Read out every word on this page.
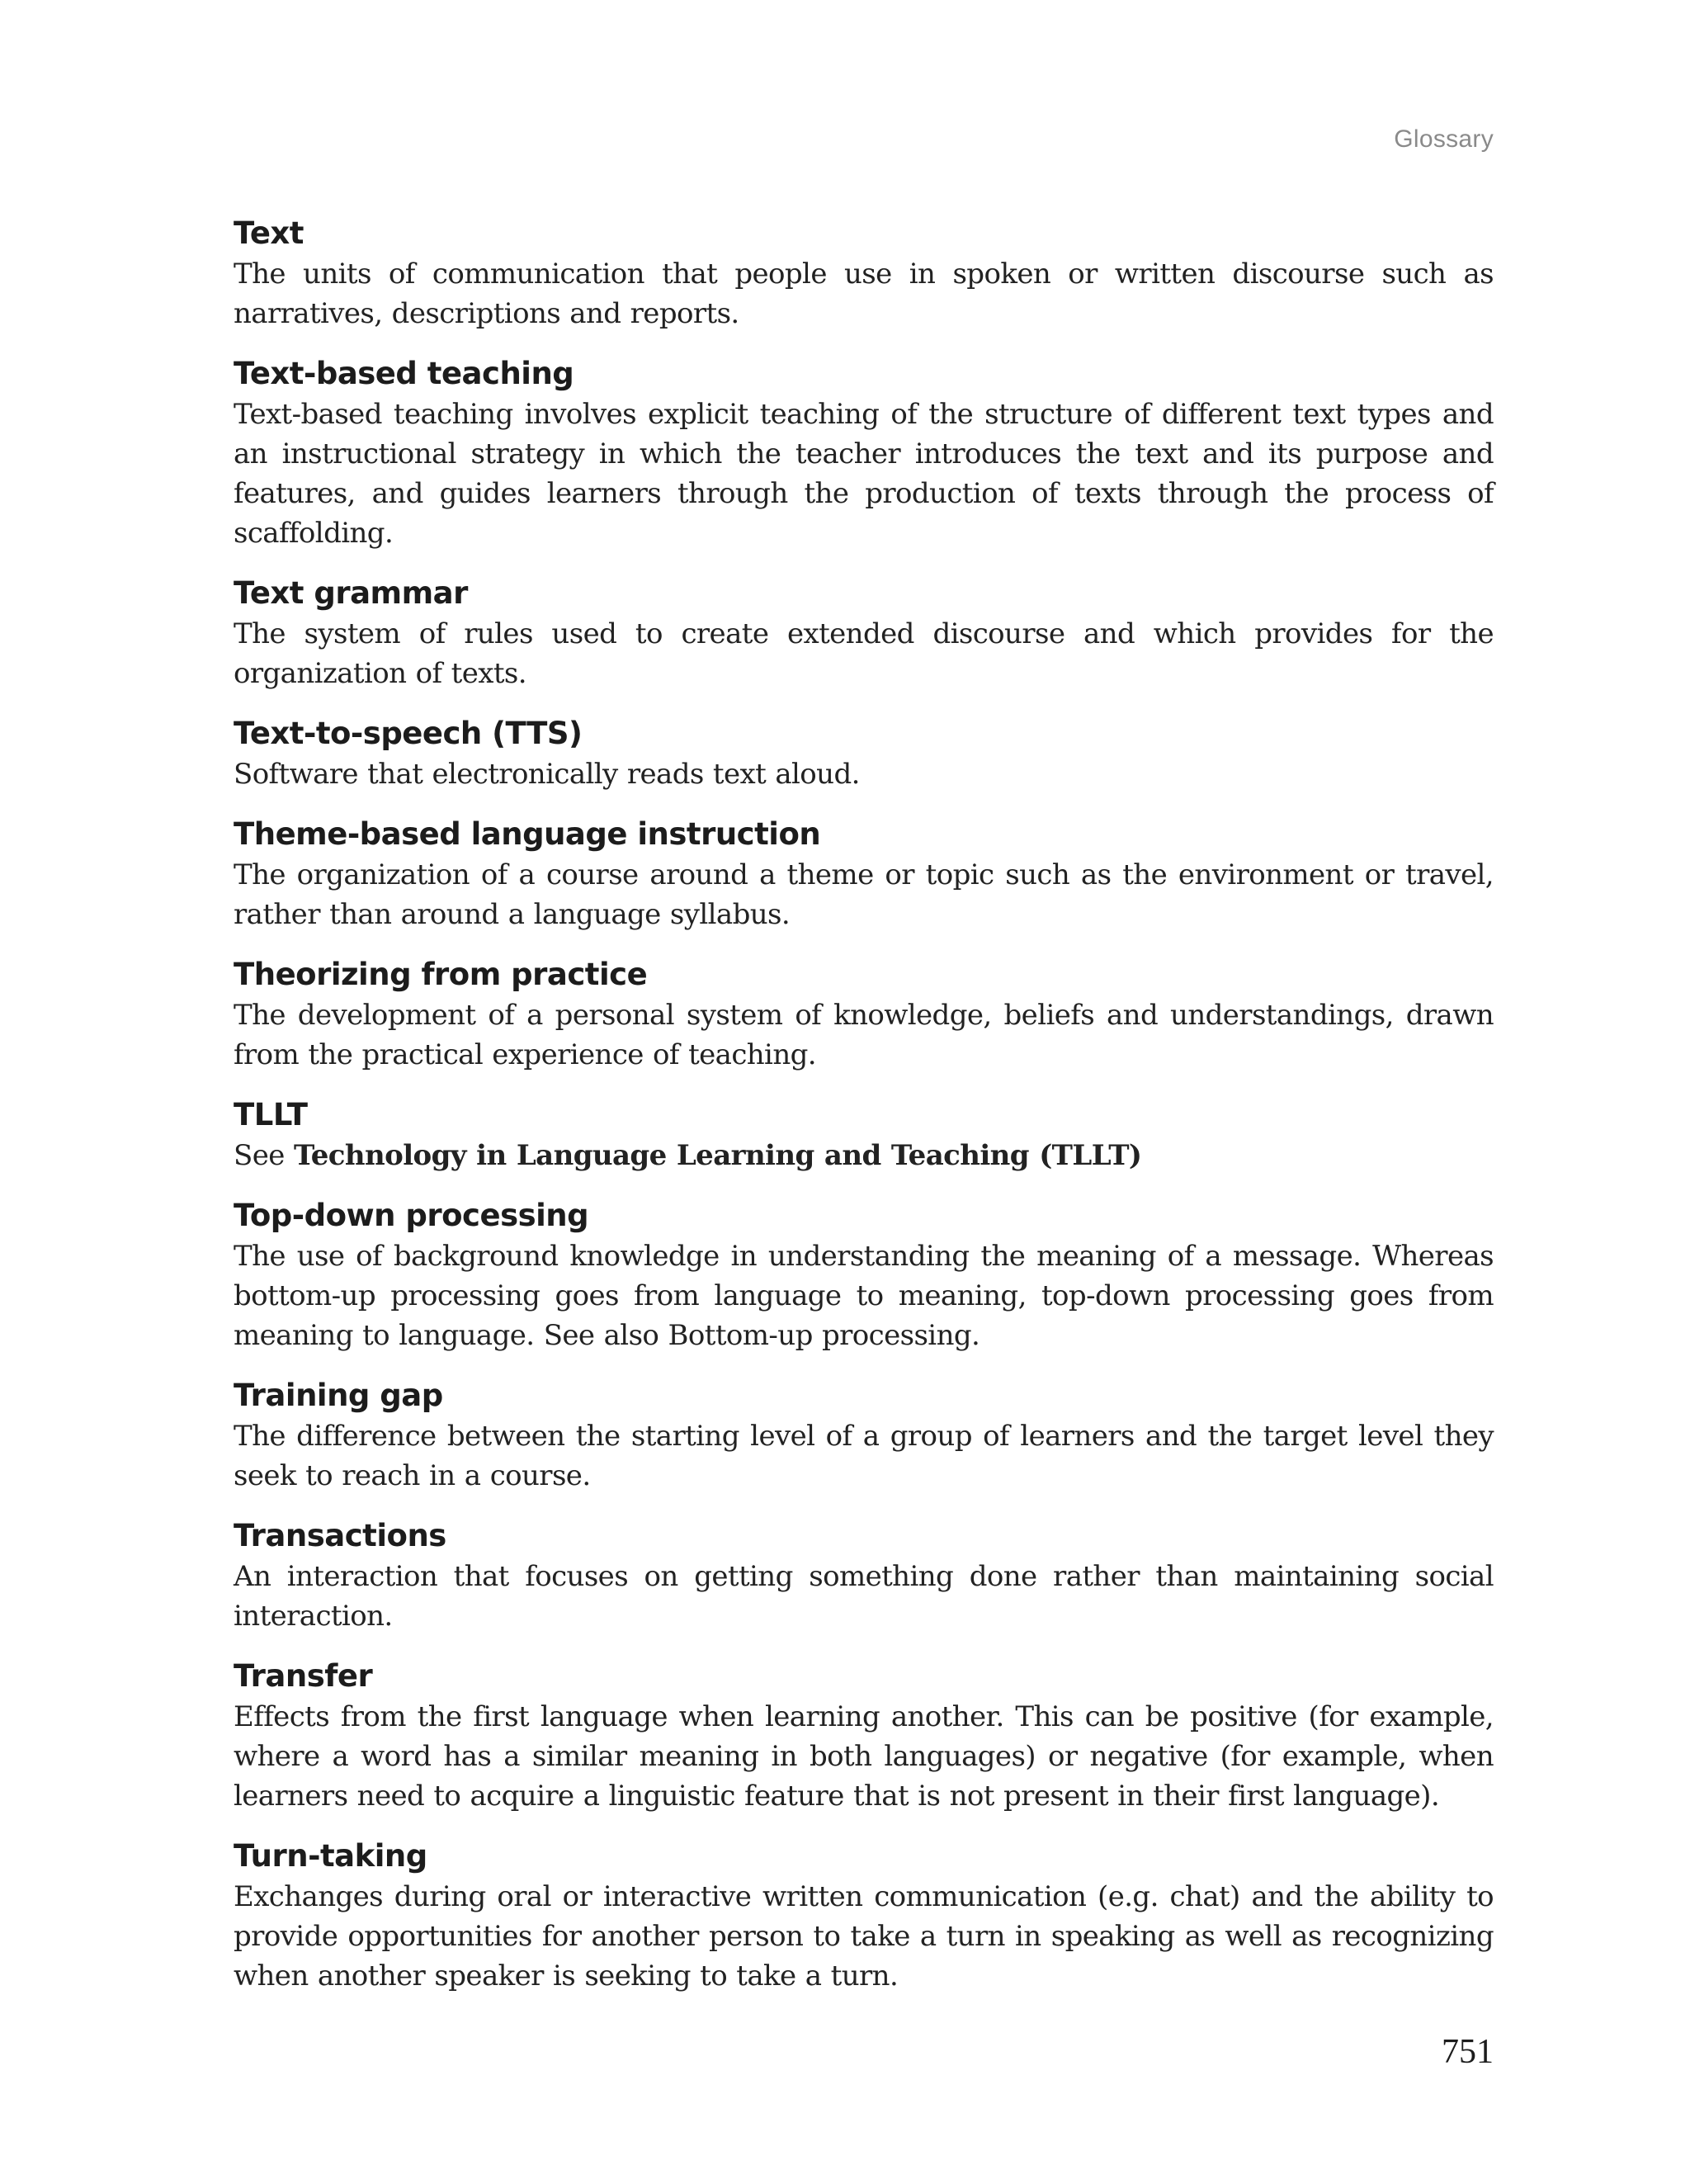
Glossary
Text
The units of communication that people use in spoken or written discourse such as narratives, descriptions and reports.
Text-based teaching
Text-based teaching involves explicit teaching of the structure of different text types and an instructional strategy in which the teacher introduces the text and its purpose and features, and guides learners through the production of texts through the process of scaffolding.
Text grammar
The system of rules used to create extended discourse and which provides for the organization of texts.
Text-to-speech (TTS)
Software that electronically reads text aloud.
Theme-based language instruction
The organization of a course around a theme or topic such as the environment or travel, rather than around a language syllabus.
Theorizing from practice
The development of a personal system of knowledge, beliefs and understandings, drawn from the practical experience of teaching.
TLLT
See Technology in Language Learning and Teaching (TLLT)
Top-down processing
The use of background knowledge in understanding the meaning of a message. Whereas bottom-up processing goes from language to meaning, top-down processing goes from meaning to language. See also Bottom-up processing.
Training gap
The difference between the starting level of a group of learners and the target level they seek to reach in a course.
Transactions
An interaction that focuses on getting something done rather than maintaining social interaction.
Transfer
Effects from the first language when learning another. This can be positive (for example, where a word has a similar meaning in both languages) or negative (for example, when learners need to acquire a linguistic feature that is not present in their first language).
Turn-taking
Exchanges during oral or interactive written communication (e.g. chat) and the ability to provide opportunities for another person to take a turn in speaking as well as recognizing when another speaker is seeking to take a turn.
751
